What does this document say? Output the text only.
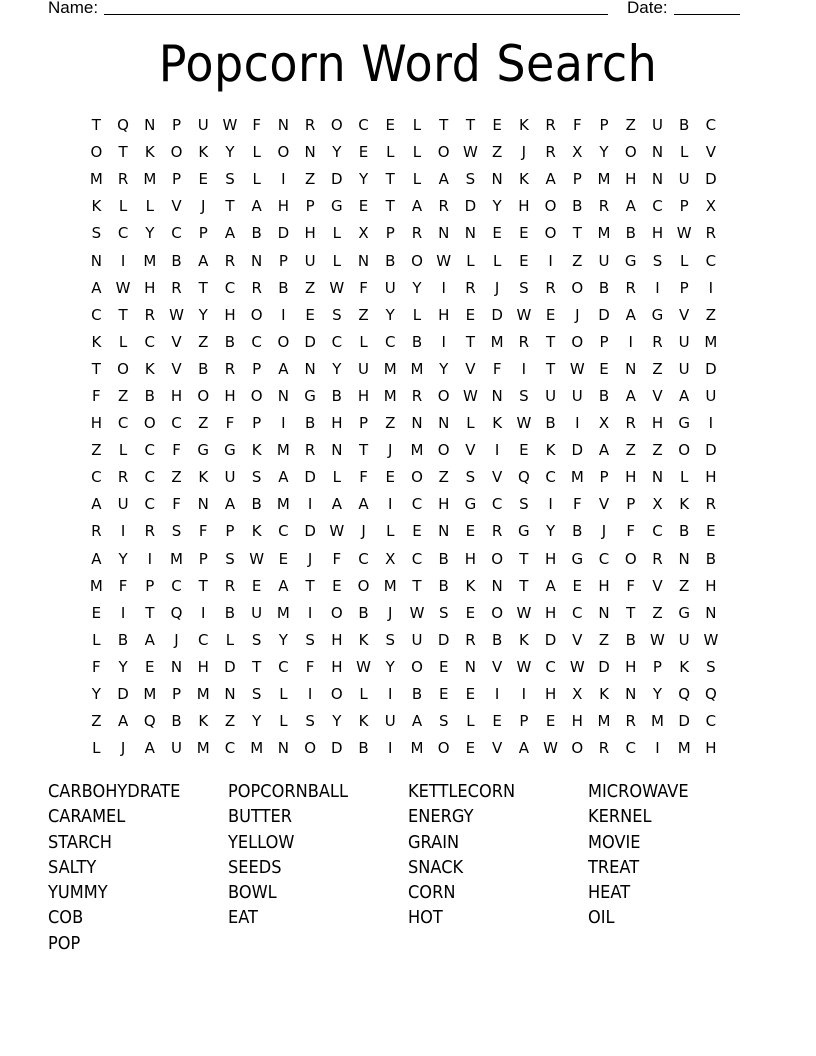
Name:	Date:
Popcorn Word Search
T	Q	N	P	U W F	N	R	O	C	E	L	T	T	E	K	R	F	P	Z	U	B	C
O	T	K	O	K	Y	L	O	N	Y	E	L	L	O W Z	J	R	X	Y	O	N	L	V
M	R	M	P	E	S	L	I	Z	D	Y	T	L	A	S	N	K	A	P	M H	N	U	D
K	L	L	V	J	T	A	H	P	G	E	T	A	R	D	Y	H	O	B	R	A	C	P	X
S	C	Y	C	P	A	B	D	H	L	X	P	R	N	N	E	E	O	T	M	B	H W R
N	I	M	B	A	R	N	P	U	L	N	B	O W	L	L	E	I	Z	U	G	S	L	C
A W H	R	T	C	R	B	Z W F	U	Y	I	R	J	S	R	O	B	R	I	P	I
C	T	R W Y	H	O	I	E	S	Z	Y	L	H	E	D W E	J	D	A	G	V	Z
K	L	C	V	Z	B	C	O	D	C	L	C	B	I	T	M	R	T	O	P	I	R	U M
T	O	K	V	B	R	P	A	N	Y	U M M	Y	V	F	I	T W E	N	Z	U	D
F	Z	B	H	O	H	O	N	G	B	H M	R	O W N	S	U	U	B	A	V	A	U
H	C	O	C	Z	F	P	I	B	H	P	Z	N	N	L	K W B	I	X	R	H	G	I
Z	L	C	F	G	G	K	M	R	N	T	J	M O	V	I	E	K	D	A	Z	Z	O	D
C	R	C	Z	K	U	S	A	D	L	F	E	O	Z	S	V	Q	C	M	P	H	N	L	H
A	U	C	F	N	A	B	M	I	A	A	I	C	H	G	C	S	I	F	V	P	X	K	R
R	I	R	S	F	P	K	C	D W	J	L	E	N	E	R	G	Y	B	J	F	C	B	E
A	Y	I	M	P	S W E	J	F	C	X	C	B	H	O	T	H	G	C	O	R	N	B
M	F	P	C	T	R	E	A	T	E	O M	T	B	K	N	T	A	E	H	F	V	Z	H
E	I	T	Q	I	B	U M	I	O	B	J	W S	E	O W H	C	N	T	Z	G	N
L	B	A	J	C	L	S	Y	S	H	K	S	U	D	R	B	K	D	V	Z	B W U W
F	Y	E	N	H	D	T	C	F	H W Y	O	E	N	V W C W D	H	P	K	S
Y	D M	P	M N	S	L	I	O	L	I	B	E	E	I	I	H	X	K	N	Y	Q Q
Z	A	Q	B	K	Z	Y	L	S	Y	K	U	A	S	L	E	P	E	H M	R	M D	C
L	J	A	U M	C	M N	O	D	B	I	M O	E	V	A W O	R	C	I	M H
CARBOHYDRATE
CARAMEL
STARCH
SALTY
YUMMY
COB
POP
POPCORNBALL
BUTTER
YELLOW
SEEDS
BOWL
EAT
KETTLECORN
ENERGY
GRAIN
SNACK
CORN
HOT
MICROWAVE
KERNEL
MOVIE
TREAT
HEAT
OIL
